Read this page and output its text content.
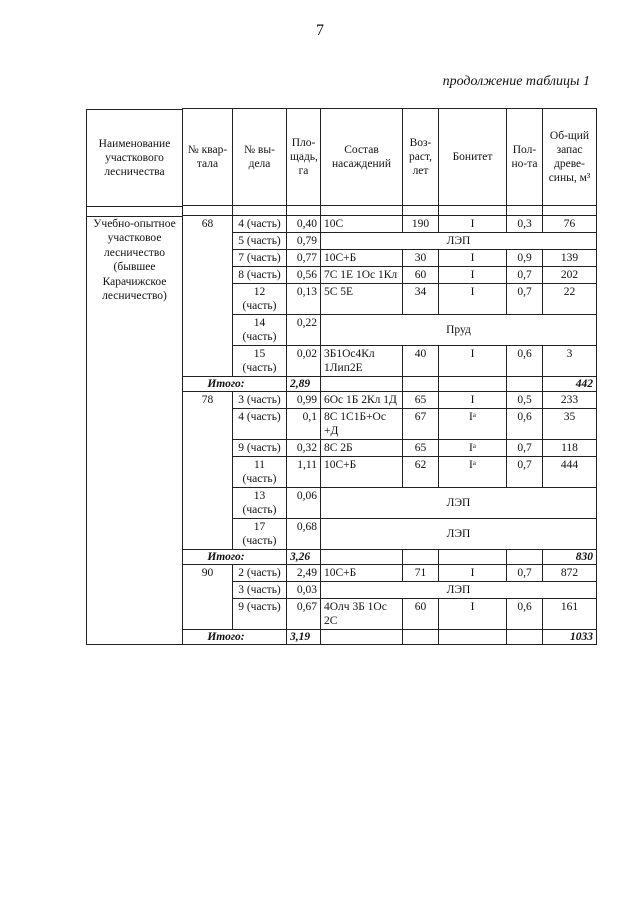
7
продолжение таблицы 1
Наименование участкового лесничества
Учебно-опытное участковое лесничество (бывшее Карачижское лесничество)
№ квар-тала	№ вы-дела	Пло-щадь, га	Состав насаждений	Воз-раст, лет	Бонитет	Пол-но-та	Об-щий запас древе-сины, м³

68	4 (часть)	0,40	10С	190	I	0,3	76
	5 (часть)	0,79	ЛЭП				
	7 (часть)	0,77	10С+Б	30	I	0,9	139
	8 (часть)	0,56	7С 1Е 1Ос 1Кл	60	I	0,7	202
	12 (часть)	0,13	5С 5Е	34	I	0,7	22
	14 (часть)	0,22	Пруд				
	15 (часть)	0,02	3Б1Ос4Кл 1Лип2Е	40	I	0,6	3
Итого:		2,89					442
78	3 (часть)	0,99	6Ос 1Б 2Кл 1Д	65	I	0,5	233
	4 (часть)	0,1	8С 1С1Б+Ос +Д	67	Iᵃ	0,6	35
	9 (часть)	0,32	8С 2Б	65	Iᵃ	0,7	118
	11 (часть)	1,11	10С+Б	62	Iᵃ	0,7	444
	13 (часть)	0,06	ЛЭП				
	17 (часть)	0,68	ЛЭП				
Итого:		3,26					830
90	2 (часть)	2,49	10С+Б	71	I	0,7	872
	3 (часть)	0,03	ЛЭП				
	9 (часть)	0,67	4Олч 3Б 1Ос 2С	60	I	0,6	161
Итого:		3,19					1033
